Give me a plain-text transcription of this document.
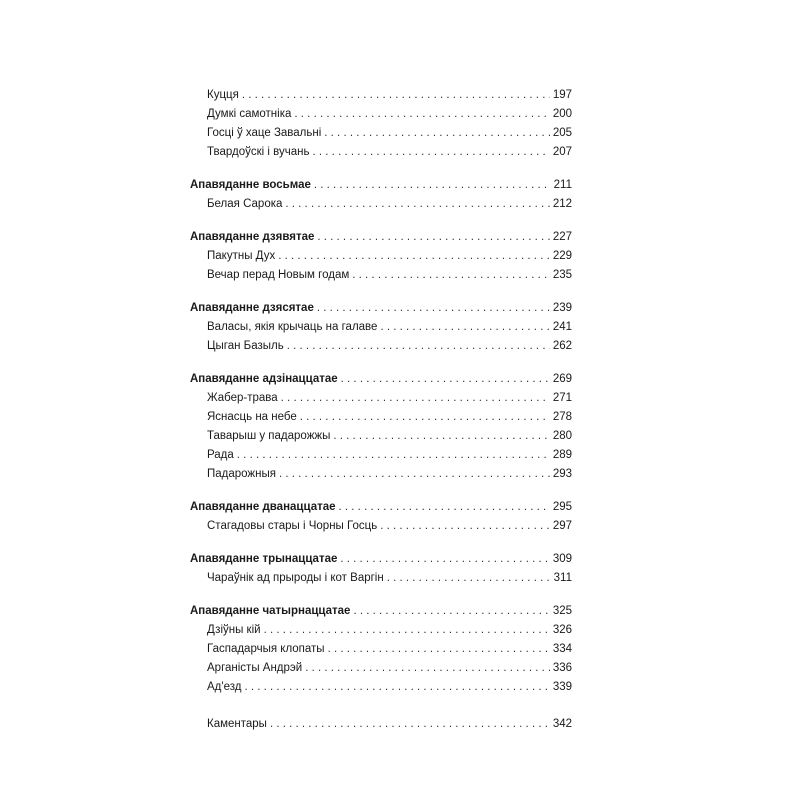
Куцця . . .	197
Думкі самотніка . . .	200
Госці ў хаце Завальні . . .	205
Твардоўскі і вучань . . .	207
Апавяданне восьмае . . .	211
Белая Сарока . . .	212
Апавяданне дзявятае . . .	227
Пакутны Дух . . .	229
Вечар перад Новым годам . . .	235
Апавяданне дзясятае . . .	239
Валасы, якія крычаць на галаве . . .	241
Цыган Базыль . . .	262
Апавяданне адзінаццатае . . .	269
Жабер-трава . . .	271
Яснасць на небе . . .	278
Таварыш у падарожжы . . .	280
Рада . . .	289
Падарожныя . . .	293
Апавяданне дванаццатае . . .	295
Стагадовы стары і Чорны Госць . . .	297
Апавяданне трынаццатае . . .	309
Чараўнік ад прыроды і кот Варгін . . .	311
Апавяданне чатырнаццатае . . .	325
Дзіўны кій . . .	326
Гаспадарчыя клопаты . . .	334
Арганісты Андрэй . . .	336
Ад'езд . . .	339
Каментары . . .	342
